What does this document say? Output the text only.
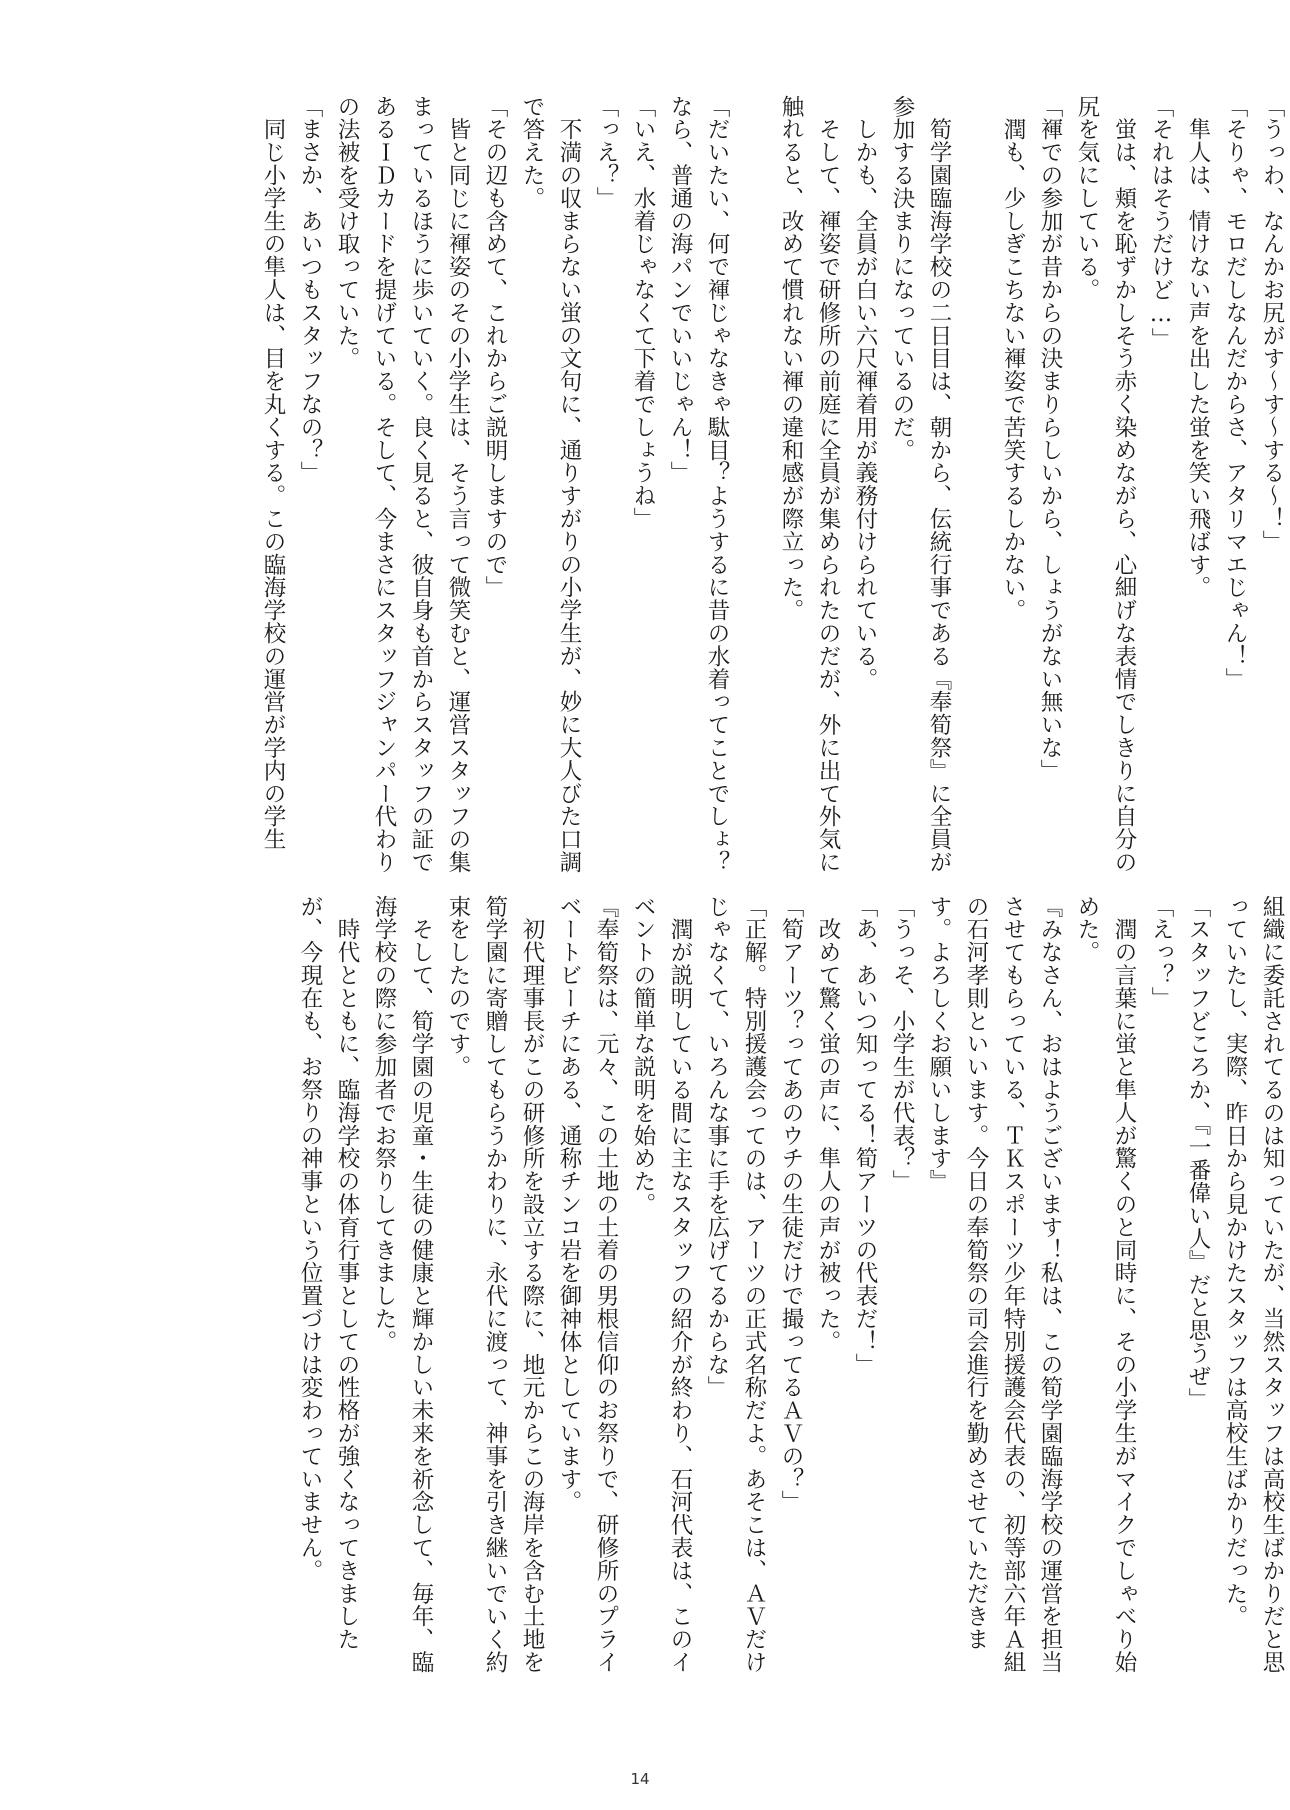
「うっわ、なんかお尻がす〜す〜する〜！」
「そりゃ、モロだしなんだからさ、アタリマエじゃん！」
　隼人は、情けない声を出した蛍を笑い飛ばす。
「それはそうだけど…」
　蛍は、頬を恥ずかしそう赤く染めながら、心細げな表情でしきりに自分の
尻を気にしている。
「褌での参加が昔からの決まりらしいから、しょうがない無いな」
　潤も、少しぎこちない褌姿で苦笑するしかない。

　筍学園臨海学校の二日目は、朝から、伝統行事である『奉筍祭』に全員が
参加する決まりになっているのだ。
　しかも、全員が白い六尺褌着用が義務付けられている。
　そして、褌姿で研修所の前庭に全員が集められたのだが、外に出て外気に
触れると、改めて慣れない褌の違和感が際立った。

「だいたい、何で褌じゃなきゃ駄目？ようするに昔の水着ってことでしょ？
なら、普通の海パンでいいじゃん！」
「いえ、水着じゃなくて下着でしょうね」
「っえ？」
　不満の収まらない蛍の文句に、通りすがりの小学生が、妙に大人びた口調
で答えた。
「その辺も含めて、これからご説明しますので」
　皆と同じに褌姿のその小学生は、そう言って微笑むと、運営スタッフの集
まっているほうに歩いていく。良く見ると、彼自身も首からスタッフの証で
あるＩＤカードを提げている。そして、今まさにスタッフジャンパー代わり
の法被を受け取っていた。
「まさか、あいつもスタッフなの？」
　同じ小学生の隼人は、目を丸くする。この臨海学校の運営が学内の学生
組織に委託されてるのは知っていたが、当然スタッフは高校生ばかりだと思
っていたし、実際、昨日から見かけたスタッフは高校生ばかりだった。
「スタッフどころか、『一番偉い人』だと思うぜ」
「えっ？」
　潤の言葉に蛍と隼人が驚くのと同時に、その小学生がマイクでしゃべり始
めた。
『みなさん、おはようございます！私は、この筍学園臨海学校の運営を担当
させてもらっている、ＴＫスポーツ少年特別援護会代表の、初等部六年Ａ組
の石河孝則といいます。今日の奉筍祭の司会進行を勤めさせていただきま
す。よろしくお願いします』
「うっそ、小学生が代表？」
「あ、あいつ知ってる！筍アーツの代表だ！」
　改めて驚く蛍の声に、隼人の声が被った。
「筍アーツ？ってあのウチの生徒だけで撮ってるＡＶの？」
「正解。特別援護会ってのは、アーツの正式名称だよ。あそこは、ＡＶだけ
じゃなくて、いろんな事に手を広げてるからな」
　潤が説明している間に主なスタッフの紹介が終わり、石河代表は、このイ
ベントの簡単な説明を始めた。
『奉筍祭は、元々、この土地の土着の男根信仰のお祭りで、研修所のプライ
ベートビーチにある、通称チンコ岩を御神体としています。
　初代理事長がこの研修所を設立する際に、地元からこの海岸を含む土地を
筍学園に寄贈してもらうかわりに、永代に渡って、神事を引き継いでいく約
束をしたのです。
　そして、筍学園の児童・生徒の健康と輝かしい未来を祈念して、毎年、臨
海学校の際に参加者でお祭りしてきました。
　時代とともに、臨海学校の体育行事としての性格が強くなってきました
が、今現在も、お祭りの神事という位置づけは変わっていません。
14
